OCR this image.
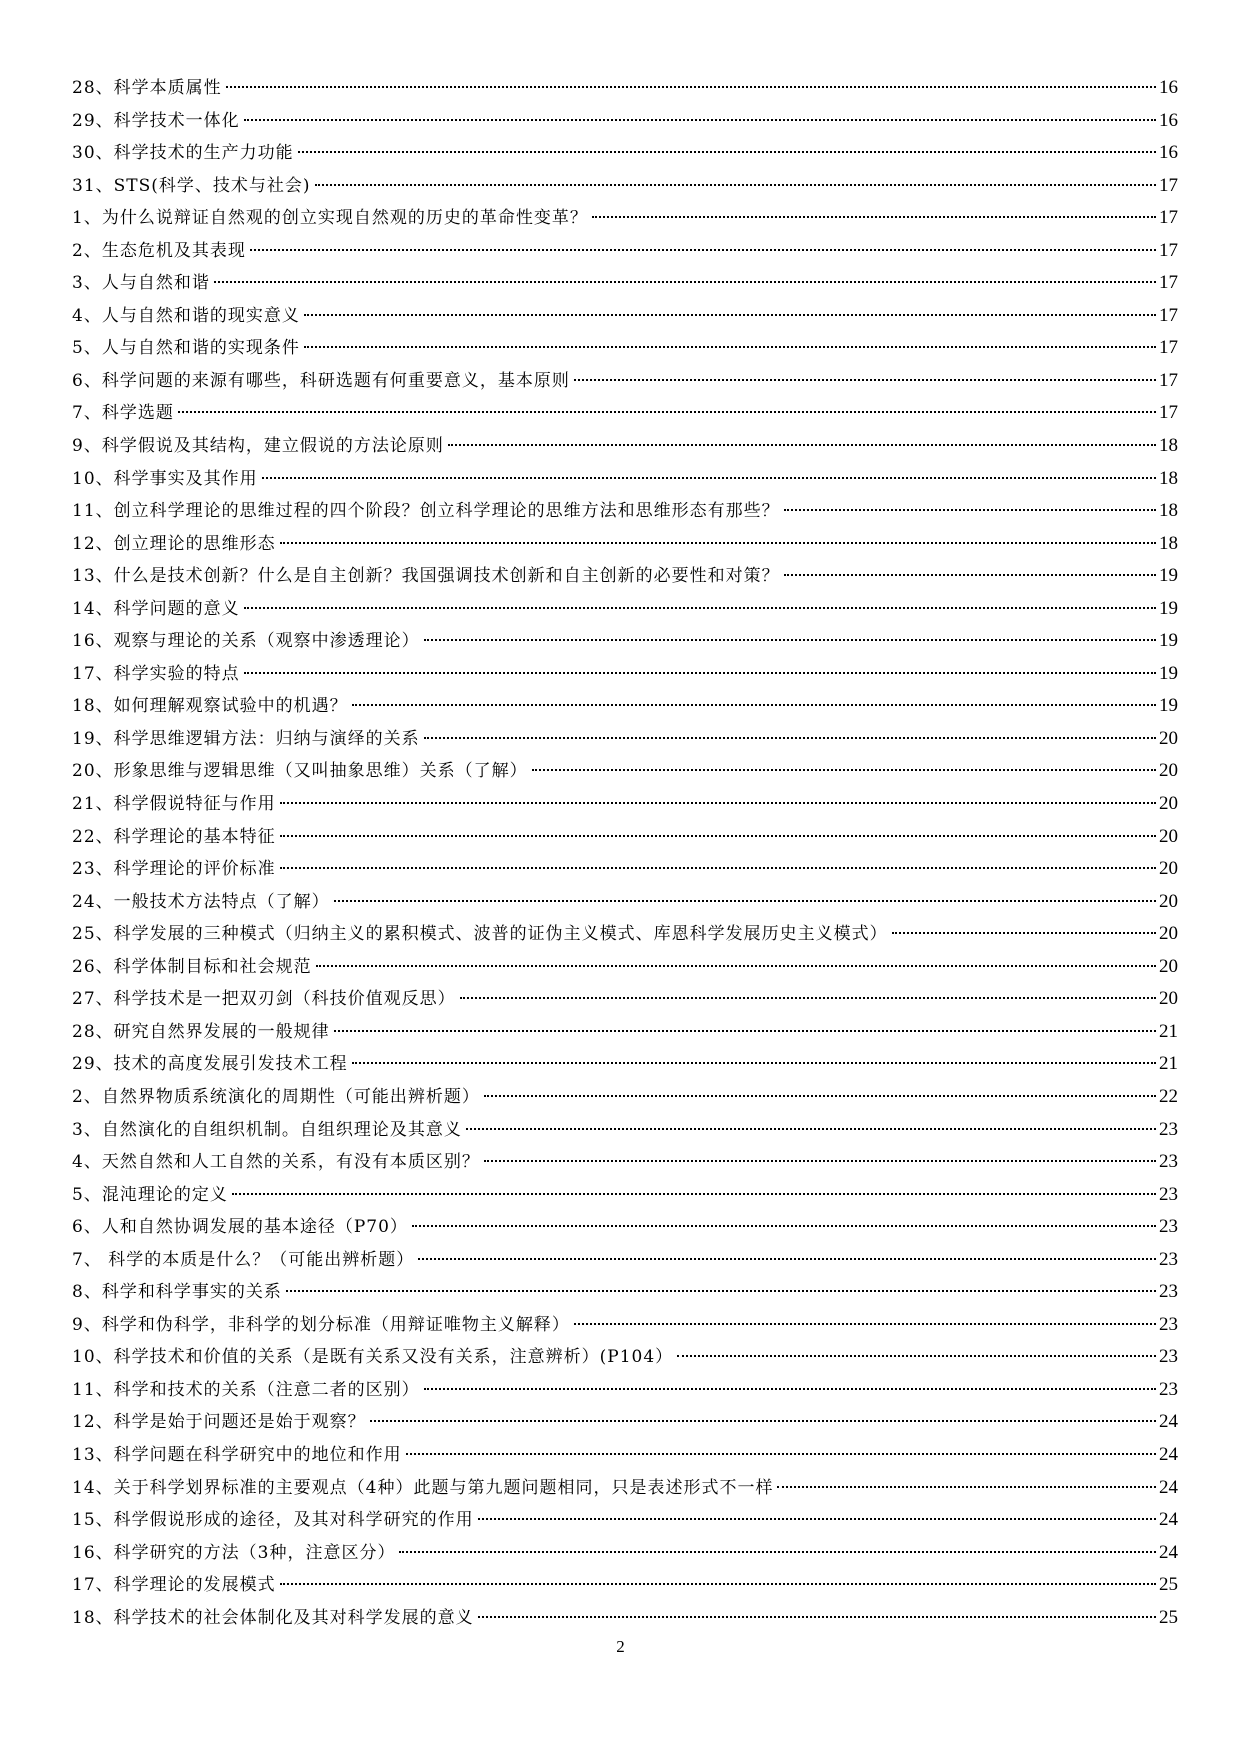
28、科学本质属性	16
29、科学技术一体化	16
30、科学技术的生产力功能	16
31、STS(科学、技术与社会)	17
1、为什么说辩证自然观的创立实现自然观的历史的革命性变革？	17
2、生态危机及其表现	17
3、人与自然和谐	17
4、人与自然和谐的现实意义	17
5、人与自然和谐的实现条件	17
6、科学问题的来源有哪些，科研选题有何重要意义，基本原则	17
7、科学选题	17
9、科学假说及其结构，建立假说的方法论原则	18
10、科学事实及其作用	18
11、创立科学理论的思维过程的四个阶段？创立科学理论的思维方法和思维形态有那些？	18
12、创立理论的思维形态	18
13、什么是技术创新？什么是自主创新？我国强调技术创新和自主创新的必要性和对策？	19
14、科学问题的意义	19
16、观察与理论的关系（观察中渗透理论）	19
17、科学实验的特点	19
18、如何理解观察试验中的机遇？	19
19、科学思维逻辑方法：归纳与演绎的关系	20
20、形象思维与逻辑思维（又叫抽象思维）关系（了解）	20
21、科学假说特征与作用	20
22、科学理论的基本特征	20
23、科学理论的评价标准	20
24、一般技术方法特点（了解）	20
25、科学发展的三种模式（归纳主义的累积模式、波普的证伪主义模式、库恩科学发展历史主义模式）	20
26、科学体制目标和社会规范	20
27、科学技术是一把双刃剑（科技价值观反思）	20
28、研究自然界发展的一般规律	21
29、技术的高度发展引发技术工程	21
2、自然界物质系统演化的周期性（可能出辨析题）	22
3、自然演化的自组织机制。自组织理论及其意义	23
4、天然自然和人工自然的关系，有没有本质区别？	23
5、混沌理论的定义	23
6、人和自然协调发展的基本途径（P70）	23
7、 科学的本质是什么？（可能出辨析题）	23
8、科学和科学事实的关系	23
9、科学和伪科学，非科学的划分标准（用辩证唯物主义解释）	23
10、科学技术和价值的关系（是既有关系又没有关系，注意辨析）(P104）	23
11、科学和技术的关系（注意二者的区别）	23
12、科学是始于问题还是始于观察？	24
13、科学问题在科学研究中的地位和作用	24
14、关于科学划界标准的主要观点（4种）此题与第九题问题相同，只是表述形式不一样	24
15、科学假说形成的途径，及其对科学研究的作用	24
16、科学研究的方法（3种，注意区分）	24
17、科学理论的发展模式	25
18、科学技术的社会体制化及其对科学发展的意义	25
2
